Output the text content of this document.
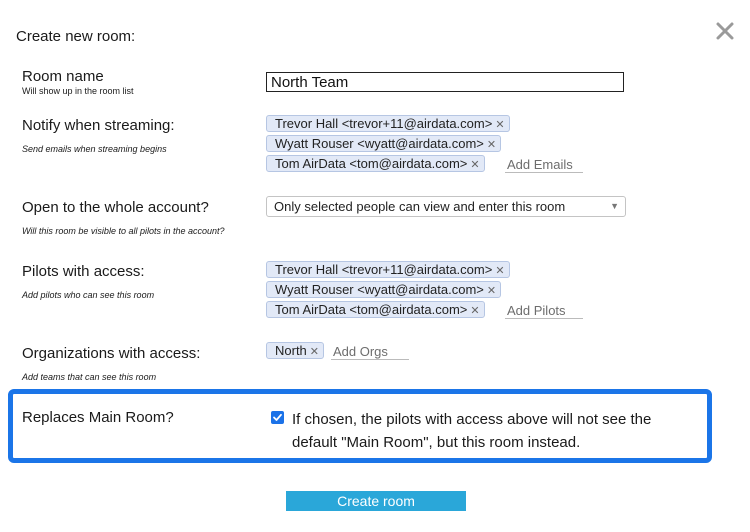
Create new room:
Room name
Will show up in the room list
North Team
Notify when streaming:
Send emails when streaming begins
Trevor Hall <trevor+11@airdata.com> ✕
Wyatt Rouser <wyatt@airdata.com> ✕
Tom AirData <tom@airdata.com> ✕
Add Emails
Open to the whole account?
Will this room be visible to all pilots in the account?
Only selected people can view and enter this room	▼
Pilots with access:
Add pilots who can see this room
Trevor Hall <trevor+11@airdata.com> ✕
Wyatt Rouser <wyatt@airdata.com> ✕
Tom AirData <tom@airdata.com> ✕
Add Pilots
Organizations with access:
Add teams that can see this room
North ✕
Add Orgs
Replaces Main Room?	If chosen, the pilots with access above will not see the default "Main Room", but this room instead.
Create room
